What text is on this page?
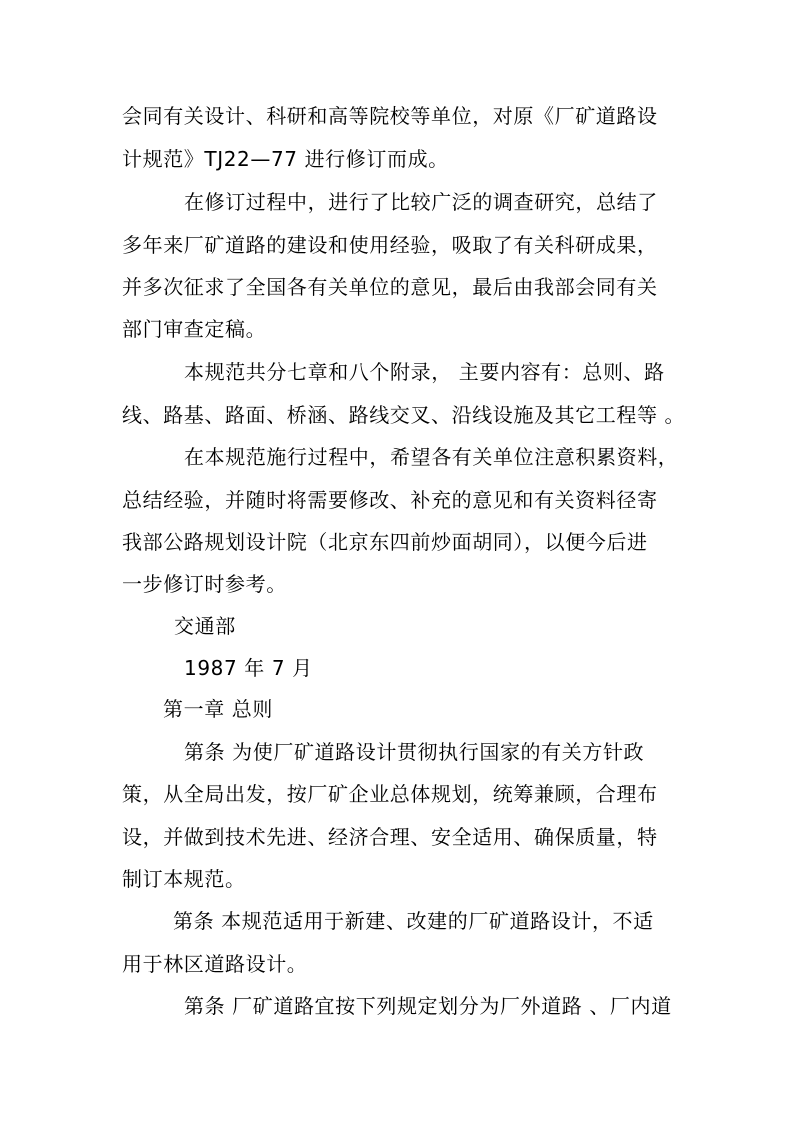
会同有关设计、科研和高等院校等单位，对原《厂矿道路设
计规范》TJ22—77 进行修订而成。
在修订过程中，进行了比较广泛的调查研究，总结了
多年来厂矿道路的建设和使用经验，吸取了有关科研成果，
并多次征求了全国各有关单位的意见，最后由我部会同有关
部门审查定稿。
本规范共分七章和八个附录， 主要内容有：总则、路
线、路基、路面、桥涵、路线交叉、沿线设施及其它工程等 。
在本规范施行过程中，希望各有关单位注意积累资料，
总结经验，并随时将需要修改、补充的意见和有关资料径寄
我部公路规划设计院（北京东四前炒面胡同），以便今后进
一步修订时参考。
交通部
1987 年 7 月
第一章 总则
第条 为使厂矿道路设计贯彻执行国家的有关方针政
策，从全局出发，按厂矿企业总体规划，统筹兼顾，合理布
设，并做到技术先进、经济合理、安全适用、确保质量，特
制订本规范。
第条 本规范适用于新建、改建的厂矿道路设计，不适
用于林区道路设计。
第条 厂矿道路宜按下列规定划分为厂外道路 、厂内道
